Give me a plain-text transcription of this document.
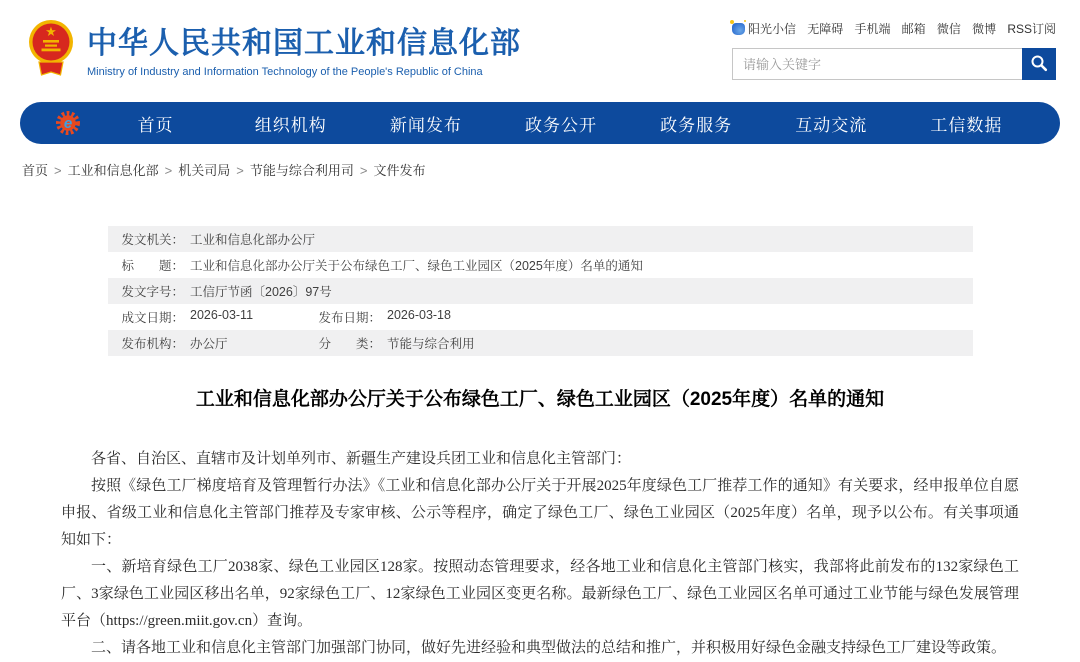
★ 中华人民共和国工业和信息化部
Ministry of Industry and Information Technology of the People's Republic of China
阳光小信 无障碍 手机端 邮箱 微信 微博 RSS订阅
请输入关键字
e	首页	组织机构	新闻发布	政务公开	政务服务	互动交流	工信数据
首页 > 工业和信息化部 > 机关司局 > 节能与综合利用司 > 文件发布
发文机关： 工业和信息化部办公厅
标　　题： 工业和信息化部办公厅关于公布绿色工厂、绿色工业园区（2025年度）名单的通知
发文字号： 工信厅节函〔2026〕97号
成文日期： 2026-03-11	发布日期： 2026-03-18
发布机构： 办公厅	分　　类： 节能与综合利用
工业和信息化部办公厅关于公布绿色工厂、绿色工业园区（2025年度）名单的通知

各省、自治区、直辖市及计划单列市、新疆生产建设兵团工业和信息化主管部门：

按照《绿色工厂梯度培育及管理暂行办法》《工业和信息化部办公厅关于开展2025年度绿色工厂推荐工作的通知》有关要求，经申报单位自愿申报、省级工业和信息化主管部门推荐及专家审核、公示等程序，确定了绿色工厂、绿色工业园区（2025年度）名单，现予以公布。有关事项通知如下：

一、新培育绿色工厂2038家、绿色工业园区128家。按照动态管理要求，经各地工业和信息化主管部门核实，我部将此前发布的132家绿色工厂、3家绿色工业园区移出名单，92家绿色工厂、12家绿色工业园区变更名称。最新绿色工厂、绿色工业园区名单可通过工业节能与绿色发展管理平台（https://green.miit.gov.cn）查询。

二、请各地工业和信息化主管部门加强部门协同，做好先进经验和典型做法的总结和推广，并积极用好绿色金融支持绿色工厂建设等政策。
